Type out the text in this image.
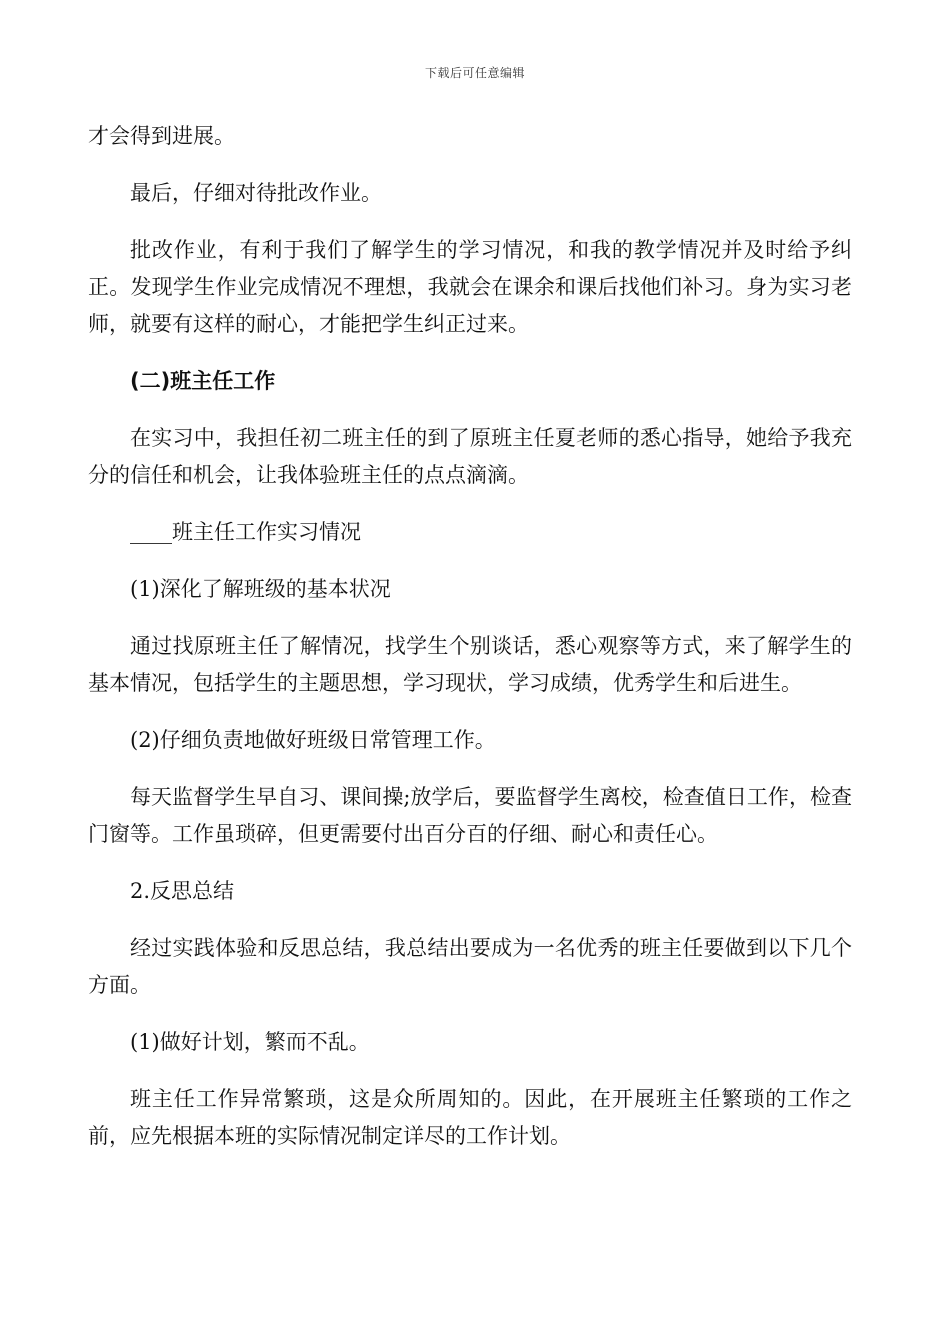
下载后可任意编辑

才会得到进展。

最后，仔细对待批改作业。

批改作业，有利于我们了解学生的学习情况，和我的教学情况并及时给予纠正。发现学生作业完成情况不理想，我就会在课余和课后找他们补习。身为实习老师，就要有这样的耐心，才能把学生纠正过来。

(二)班主任工作

在实习中，我担任初二班主任的到了原班主任夏老师的悉心指导，她给予我充分的信任和机会，让我体验班主任的点点滴滴。

____班主任工作实习情况

(1)深化了解班级的基本状况

通过找原班主任了解情况，找学生个别谈话，悉心观察等方式，来了解学生的基本情况，包括学生的主题思想，学习现状，学习成绩，优秀学生和后进生。

(2)仔细负责地做好班级日常管理工作。

每天监督学生早自习、课间操;放学后，要监督学生离校，检查值日工作，检查门窗等。工作虽琐碎，但更需要付出百分百的仔细、耐心和责任心。

2.反思总结

经过实践体验和反思总结，我总结出要成为一名优秀的班主任要做到以下几个方面。

(1)做好计划，繁而不乱。

班主任工作异常繁琐，这是众所周知的。因此，在开展班主任繁琐的工作之前，应先根据本班的实际情况制定详尽的工作计划。
